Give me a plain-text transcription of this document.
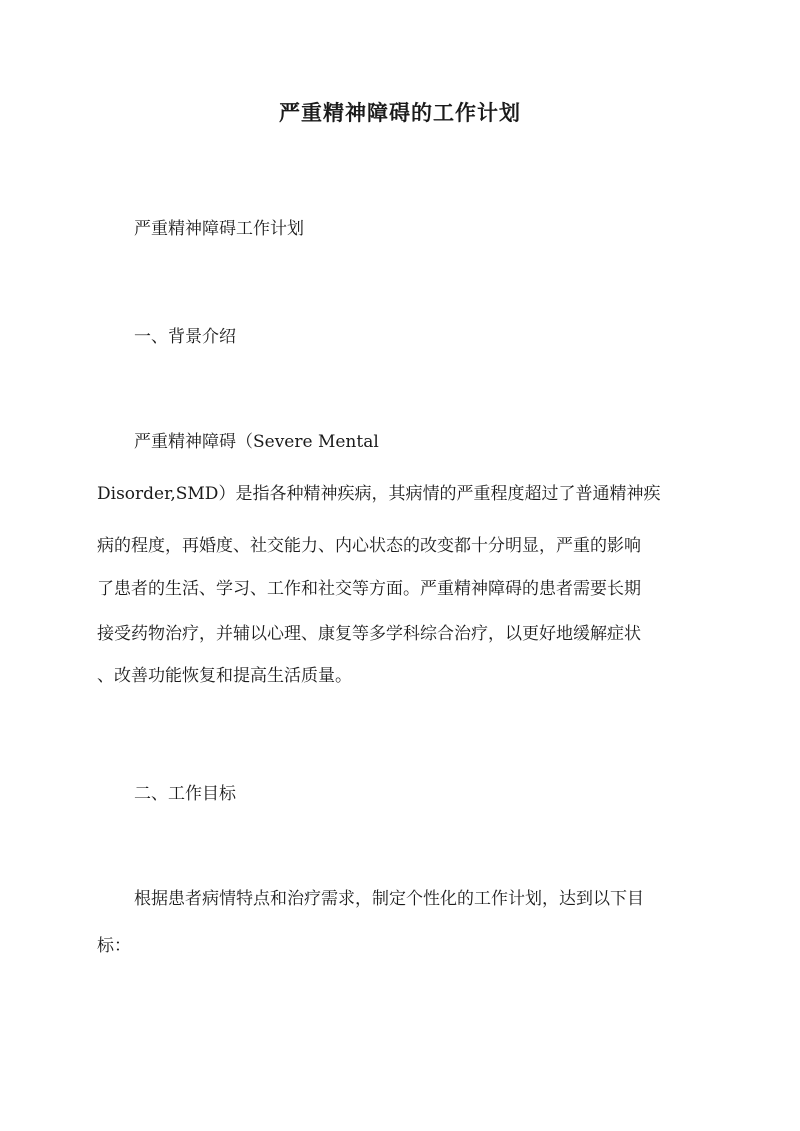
严重精神障碍的工作计划

严重精神障碍工作计划

一、背景介绍

严重精神障碍（Severe Mental

Disorder,SMD）是指各种精神疾病，其病情的严重程度超过了普通精神疾

病的程度，再婚度、社交能力、内心状态的改变都十分明显，严重的影响

了患者的生活、学习、工作和社交等方面。严重精神障碍的患者需要长期

接受药物治疗，并辅以心理、康复等多学科综合治疗，以更好地缓解症状

、改善功能恢复和提高生活质量。

二、工作目标

根据患者病情特点和治疗需求，制定个性化的工作计划，达到以下目

标：
